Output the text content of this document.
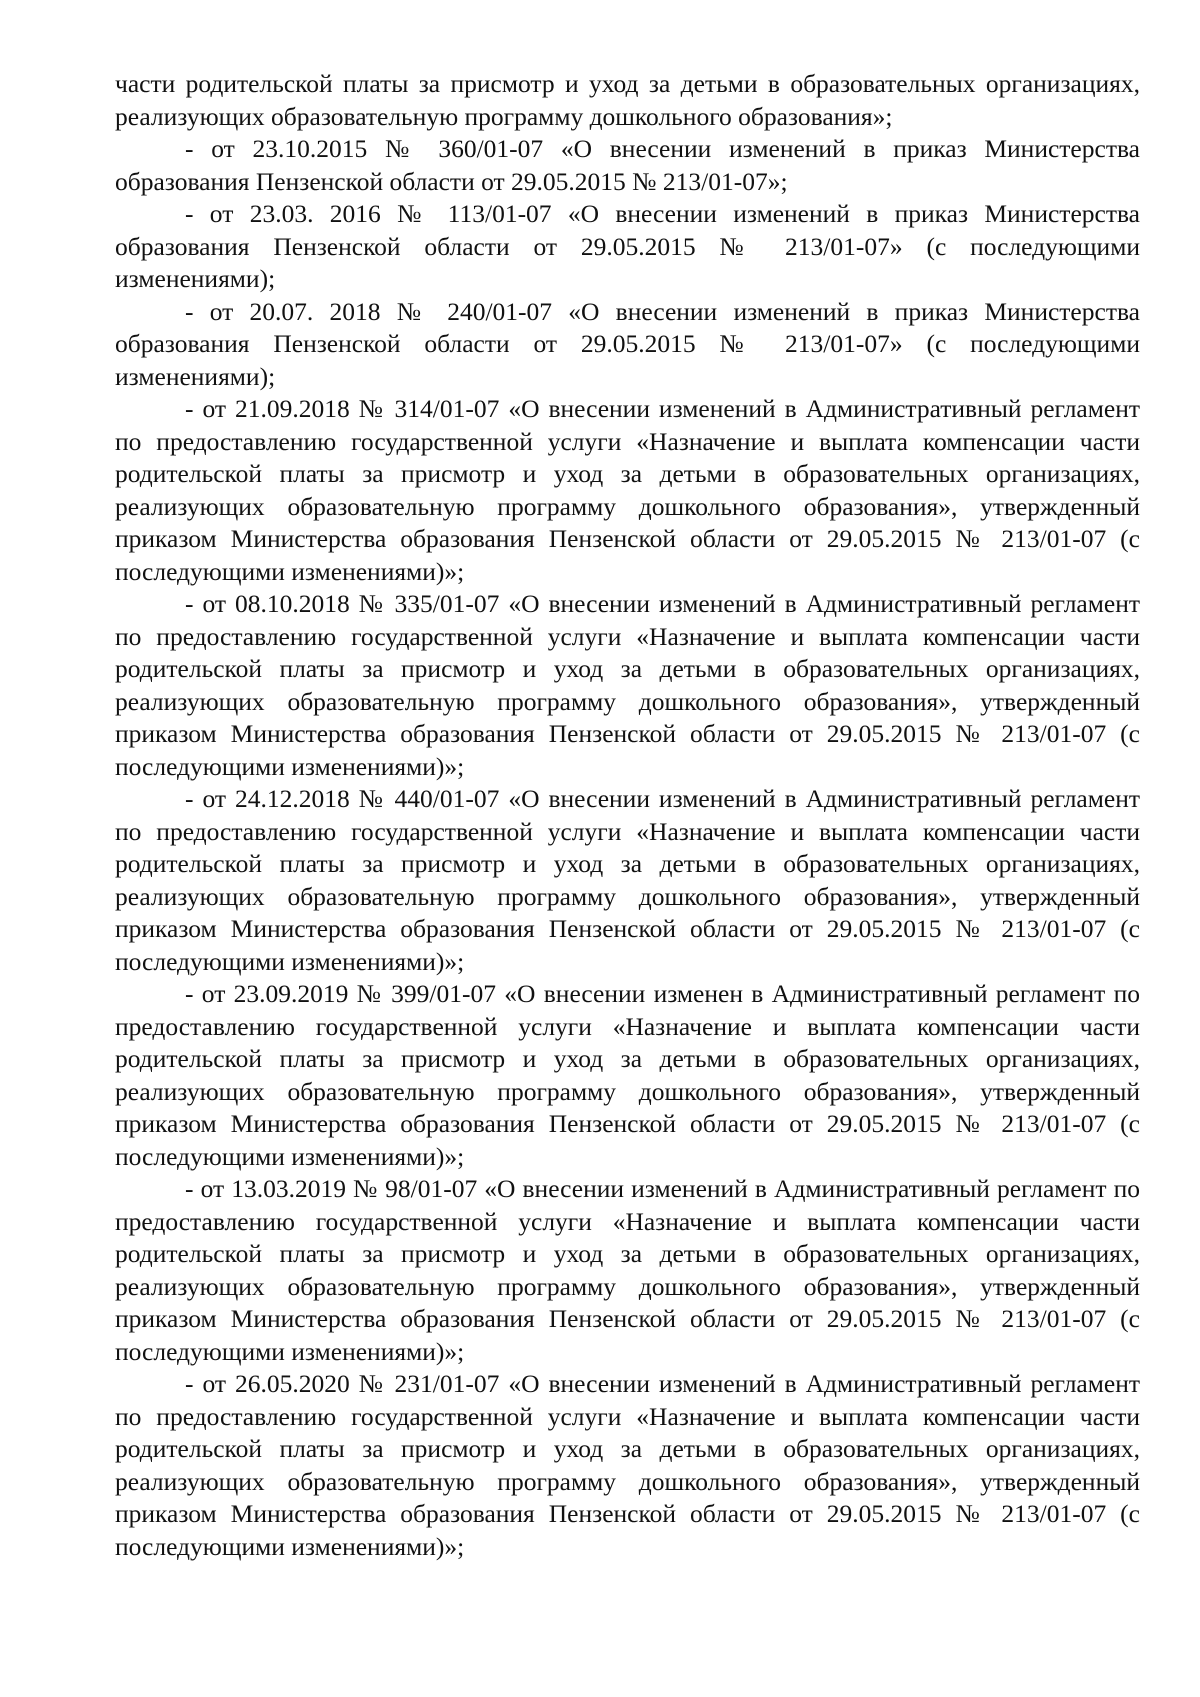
части родительской платы за присмотр и уход за детьми в образовательных организациях, реализующих образовательную программу дошкольного образования»;

- от 23.10.2015 № 360/01-07 «О внесении изменений в приказ Министерства образования Пензенской области от 29.05.2015 № 213/01-07»;

- от 23.03. 2016 № 113/01-07 «О внесении изменений в приказ Министерства образования Пензенской области от 29.05.2015 № 213/01-07» (с последующими изменениями);

- от 20.07. 2018 № 240/01-07 «О внесении изменений в приказ Министерства образования Пензенской области от 29.05.2015 № 213/01-07» (с последующими изменениями);

- от 21.09.2018 № 314/01-07 «О внесении изменений в Административный регламент по предоставлению государственной услуги «Назначение и выплата компенсации части родительской платы за присмотр и уход за детьми в образовательных организациях, реализующих образовательную программу дошкольного образования», утвержденный приказом Министерства образования Пензенской области от 29.05.2015 № 213/01-07 (с последующими изменениями)»;

- от 08.10.2018 № 335/01-07 «О внесении изменений в Административный регламент по предоставлению государственной услуги «Назначение и выплата компенсации части родительской платы за присмотр и уход за детьми в образовательных организациях, реализующих образовательную программу дошкольного образования», утвержденный приказом Министерства образования Пензенской области от 29.05.2015 № 213/01-07 (с последующими изменениями)»;

- от 24.12.2018 № 440/01-07 «О внесении изменений в Административный регламент по предоставлению государственной услуги «Назначение и выплата компенсации части родительской платы за присмотр и уход за детьми в образовательных организациях, реализующих образовательную программу дошкольного образования», утвержденный приказом Министерства образования Пензенской области от 29.05.2015 № 213/01-07 (с последующими изменениями)»;

- от 23.09.2019 № 399/01-07 «О внесении изменен в Административный регламент по предоставлению государственной услуги «Назначение и выплата компенсации части родительской платы за присмотр и уход за детьми в образовательных организациях, реализующих образовательную программу дошкольного образования», утвержденный приказом Министерства образования Пензенской области от 29.05.2015 № 213/01-07 (с последующими изменениями)»;

- от 13.03.2019 № 98/01-07 «О внесении изменений в Административный регламент по предоставлению государственной услуги «Назначение и выплата компенсации части родительской платы за присмотр и уход за детьми в образовательных организациях, реализующих образовательную программу дошкольного образования», утвержденный приказом Министерства образования Пензенской области от 29.05.2015 № 213/01-07 (с последующими изменениями)»;

- от 26.05.2020 № 231/01-07 «О внесении изменений в Административный регламент по предоставлению государственной услуги «Назначение и выплата компенсации части родительской платы за присмотр и уход за детьми в образовательных организациях, реализующих образовательную программу дошкольного образования», утвержденный приказом Министерства образования Пензенской области от 29.05.2015 № 213/01-07 (с последующими изменениями)»;
